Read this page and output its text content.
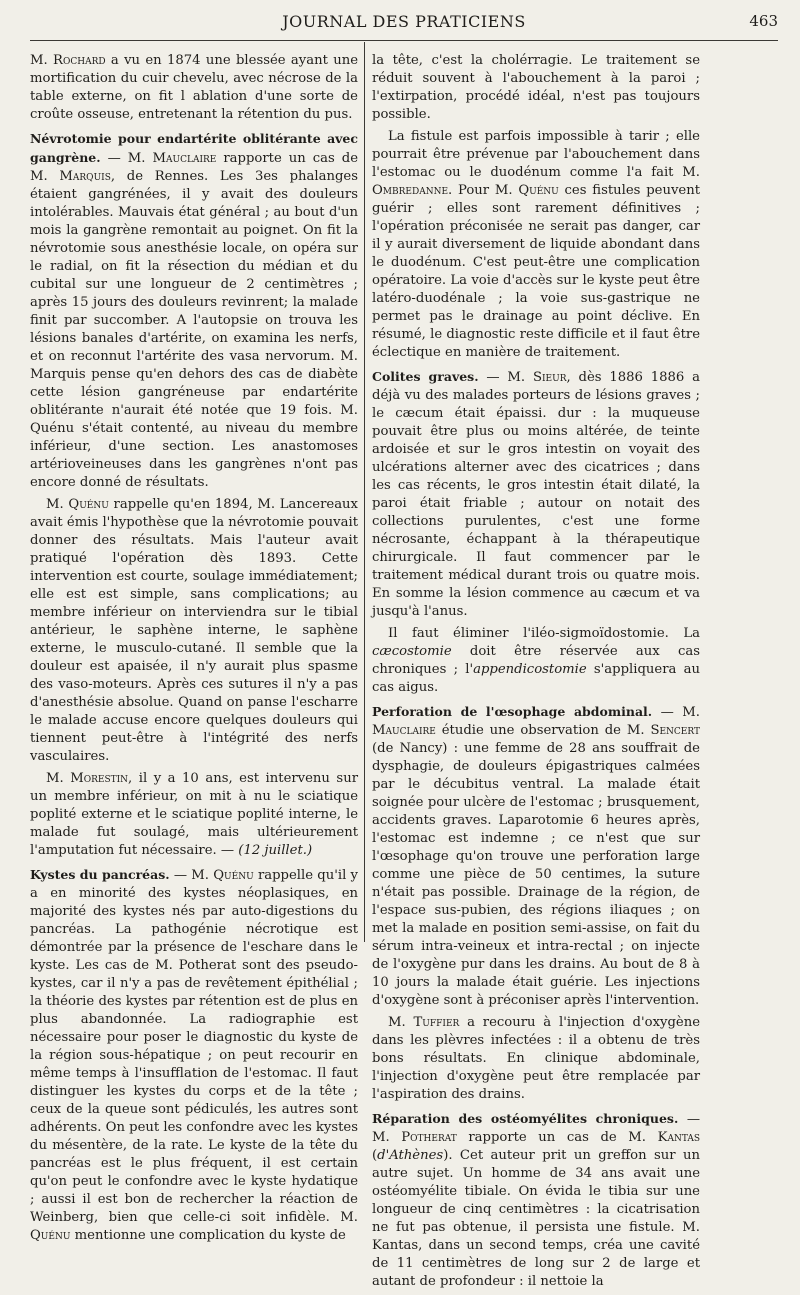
JOURNAL DES PRATICIENS	463

M. Rochard a vu en 1874 une blessée ayant une mortification du cuir chevelu, avec nécrose de la table externe, on fit l ablation d'une sorte de croûte osseuse, entretenant la rétention du pus.

Névrotomie pour endartérite oblitérante avec gangrène. — M. Mauclaire rapporte un cas de M. Marquis, de Rennes. Les 3es phalanges étaient gangrénées, il y avait des douleurs intolérables. Mauvais état général ; au bout d'un mois la gangrène remontait au poignet. On fit la névrotomie sous anesthésie locale, on opéra sur le radial, on fit la résection du médian et du cubital sur une longueur de 2 centimètres ; après 15 jours des douleurs revinrent; la malade finit par succomber. A l'autopsie on trouva les lésions banales d'artérite, on examina les nerfs, et on reconnut l'artérite des vasa nervorum. M. Marquis pense qu'en dehors des cas de diabète cette lésion gangréneuse par endartérite oblitérante n'aurait été notée que 19 fois. M. Quénu s'était contenté, au niveau du membre inférieur, d'une section. Les anastomoses artérioveineuses dans les gangrènes n'ont pas encore donné de résultats.

M. Quénu rappelle qu'en 1894, M. Lancereaux avait émis l'hypothèse que la névrotomie pouvait donner des résultats. Mais l'auteur avait pratiqué l'opération dès 1893. Cette intervention est courte, soulage immédiatement; elle est est simple, sans complications; au membre inférieur on interviendra sur le tibial antérieur, le saphène interne, le saphène externe, le musculo-cutané. Il semble que la douleur est apaisée, il n'y aurait plus spasme des vaso-moteurs. Après ces sutures il n'y a pas d'anesthésie absolue. Quand on panse l'escharre le malade accuse encore quelques douleurs qui tiennent peut-être à l'intégrité des nerfs vasculaires.

M. Morestin, il y a 10 ans, est intervenu sur un membre inférieur, on mit à nu le sciatique poplité externe et le sciatique poplité interne, le malade fut soulagé, mais ultérieurement l'amputation fut nécessaire. — (12 juillet.)

Kystes du pancréas. — M. Quénu rappelle qu'il y a en minorité des kystes néoplasiques, en majorité des kystes nés par auto-digestions du pancréas. La pathogénie nécrotique est démontrée par la présence de l'eschare dans le kyste. Les cas de M. Potherat sont des pseudo-kystes, car il n'y a pas de revêtement épithélial ; la théorie des kystes par rétention est de plus en plus abandonnée. La radiographie est nécessaire pour poser le diagnostic du kyste de la région sous-hépatique ; on peut recourir en même temps à l'insufflation de l'estomac. Il faut distinguer les kystes du corps et de la tête ; ceux de la queue sont pédiculés, les autres sont adhérents. On peut les confondre avec les kystes du mésentère, de la rate. Le kyste de la tête du pancréas est le plus fréquent, il est certain qu'on peut le confondre avec le kyste hydatique ; aussi il est bon de rechercher la réaction de Weinberg, bien que celle-ci soit infidèle. M. Quénu mentionne une complication du kyste de

la tête, c'est la cholérragie. Le traitement se réduit souvent à l'abouchement à la paroi ; l'extirpation, procédé idéal, n'est pas toujours possible.

La fistule est parfois impossible à tarir ; elle pourrait être prévenue par l'abouchement dans l'estomac ou le duodénum comme l'a fait M. Ombredanne. Pour M. Quénu ces fistules peuvent guérir ; elles sont rarement définitives ; l'opération préconisée ne serait pas danger, car il y aurait diversement de liquide abondant dans le duodénum. C'est peut-être une complication opératoire. La voie d'accès sur le kyste peut être latéro-duodénale ; la voie sus-gastrique ne permet pas le drainage au point déclive. En résumé, le diagnostic reste difficile et il faut être éclectique en manière de traitement.

Colites graves. — M. Sieur, dès 1886 1886 a déjà vu des malades porteurs de lésions graves ; le cæcum était épaissi. dur : la muqueuse pouvait être plus ou moins altérée, de teinte ardoisée et sur le gros intestin on voyait des ulcérations alterner avec des cicatrices ; dans les cas récents, le gros intestin était dilaté, la paroi était friable ; autour on notait des collections purulentes, c'est une forme nécrosante, échappant à la thérapeutique chirurgicale. Il faut commencer par le traitement médical durant trois ou quatre mois. En somme la lésion commence au cæcum et va jusqu'à l'anus.

Il faut éliminer l'iléo-sigmoïdostomie. La cæcostomie doit être réservée aux cas chroniques ; l'appendicostomie s'appliquera au cas aigus.

Perforation de l'œsophage abdominal. — M. Mauclaire étudie une observation de M. Sencert (de Nancy) : une femme de 28 ans souffrait de dysphagie, de douleurs épigastriques calmées par le décubitus ventral. La malade était soignée pour ulcère de l'estomac ; brusquement, accidents graves. Laparotomie 6 heures après, l'estomac est indemne ; ce n'est que sur l'œsophage qu'on trouve une perforation large comme une pièce de 50 centimes, la suture n'était pas possible. Drainage de la région, de l'espace sus-pubien, des régions iliaques ; on met la malade en position semi-assise, on fait du sérum intra-veineux et intra-rectal ; on injecte de l'oxygène pur dans les drains. Au bout de 8 à 10 jours la malade était guérie. Les injections d'oxygène sont à préconiser après l'intervention.

M. Tuffier a recouru à l'injection d'oxygène dans les plèvres infectées : il a obtenu de très bons résultats. En clinique abdominale, l'injection d'oxygène peut être remplacée par l'aspiration des drains.

Réparation des ostéomyélites chroniques. — M. Potherat rapporte un cas de M. Kantas (d'Athènes). Cet auteur prit un greffon sur un autre sujet. Un homme de 34 ans avait une ostéomyélite tibiale. On évida le tibia sur une longueur de cinq centimètres : la cicatrisation ne fut pas obtenue, il persista une fistule. M. Kantas, dans un second temps, créa une cavité de 11 centimètres de long sur 2 de large et autant de profondeur : il nettoie la
